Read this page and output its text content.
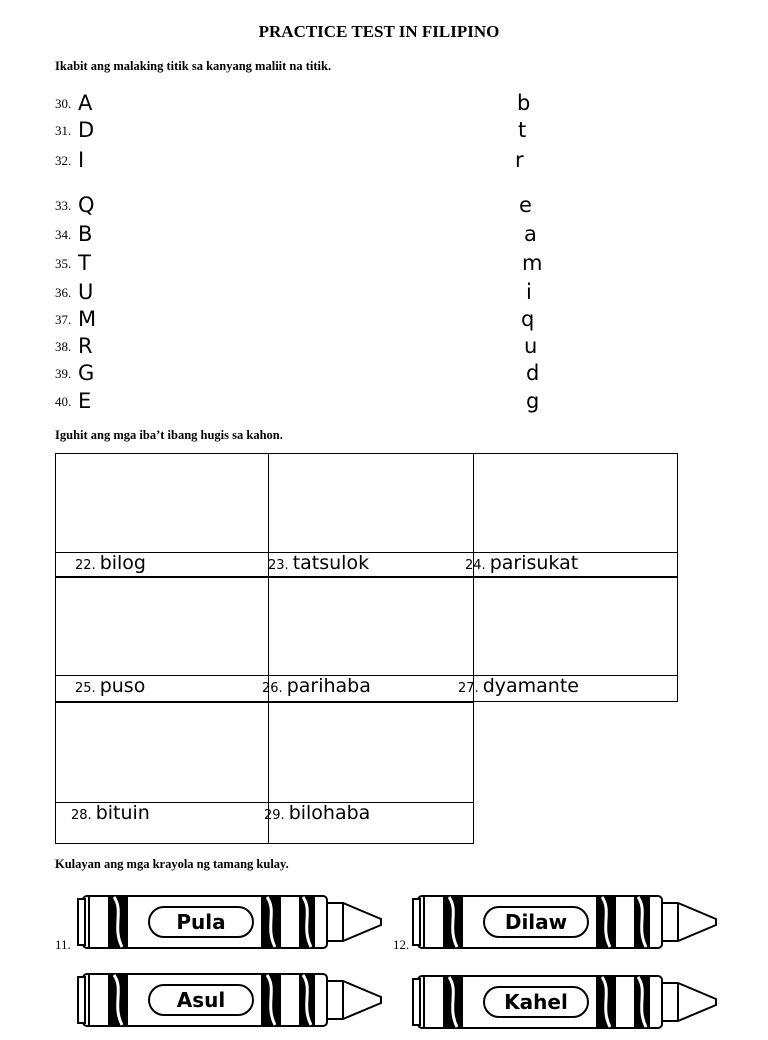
PRACTICE TEST IN FILIPINO
Ikabit ang malaking titik sa kanyang maliit na titik.
30. A	b
31. D	t
32. I	r
33. Q	e
34. B	a
35. T	m
36. U	i
37. M	q
38. R	u
39. G	d
40. E	g
Iguhit ang mga iba’t ibang hugis sa kahon.
22. bilog	23. tatsulok	24. parisukat
25. puso	26. parihaba	27. dyamante
28. bituin	29. bilohaba
Kulayan ang mga krayola ng tamang kulay.
11.
Pula
12.
Dilaw
Asul	Kahel
